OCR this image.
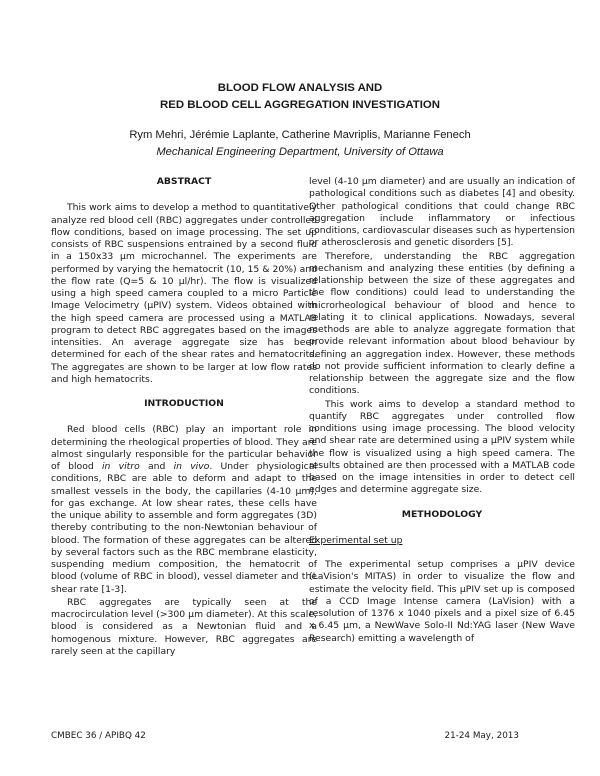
BLOOD FLOW ANALYSIS AND
RED BLOOD CELL AGGREGATION INVESTIGATION
Rym Mehri, Jérémie Laplante, Catherine Mavriplis, Marianne Fenech
Mechanical Engineering Department, University of Ottawa
ABSTRACT

This work aims to develop a method to quantitatively analyze red blood cell (RBC) aggregates under controlled flow conditions, based on image processing. The set up consists of RBC suspensions entrained by a second fluid in a 150x33 µm microchannel. The experiments are performed by varying the hematocrit (10, 15 & 20%) and the flow rate (Q=5 & 10 µl/hr). The flow is visualized using a high speed camera coupled to a micro Particle Image Velocimetry (µPIV) system. Videos obtained with the high speed camera are processed using a MATLAB program to detect RBC aggregates based on the images intensities. An average aggregate size has been determined for each of the shear rates and hematocrits. The aggregates are shown to be larger at low flow rates and high hematocrits.

INTRODUCTION

Red blood cells (RBC) play an important role in determining the rheological properties of blood. They are almost singularly responsible for the particular behavior of blood in vitro and in vivo. Under physiological conditions, RBC are able to deform and adapt to the smallest vessels in the body, the capillaries (4-10 µm), for gas exchange. At low shear rates, these cells have the unique ability to assemble and form aggregates (3D) thereby contributing to the non-Newtonian behaviour of blood. The formation of these aggregates can be altered by several factors such as the RBC membrane elasticity, suspending medium composition, the hematocrit of blood (volume of RBC in blood), vessel diameter and the shear rate [1-3].

RBC aggregates are typically seen at the macrocirculation level (>300 µm diameter). At this scale, blood is considered as a Newtonian fluid and a homogenous mixture. However, RBC aggregates are rarely seen at the capillary

level (4-10 µm diameter) and are usually an indication of pathological conditions such as diabetes [4] and obesity. Other pathological conditions that could change RBC aggregation include inflammatory or infectious conditions, cardiovascular diseases such as hypertension or atherosclerosis and genetic disorders [5].

Therefore, understanding the RBC aggregation mechanism and analyzing these entities (by defining a relationship between the size of these aggregates and the flow conditions) could lead to understanding the microrheological behaviour of blood and hence to relating it to clinical applications. Nowadays, several methods are able to analyze aggregate formation that provide relevant information about blood behaviour by defining an aggregation index. However, these methods do not provide sufficient information to clearly define a relationship between the aggregate size and the flow conditions.

This work aims to develop a standard method to quantify RBC aggregates under controlled flow conditions using image processing. The blood velocity and shear rate are determined using a µPIV system while the flow is visualized using a high speed camera. The results obtained are then processed with a MATLAB code based on the image intensities in order to detect cell edges and determine aggregate size.

METHODOLOGY
Experimental set up

The experimental setup comprises a µPIV device (LaVision's MITAS) in order to visualize the flow and estimate the velocity field. This µPIV set up is composed of a CCD Image Intense camera (LaVision) with a resolution of 1376 x 1040 pixels and a pixel size of 6.45 x 6.45 µm, a NewWave Solo-II Nd:YAG laser (New Wave Research) emitting a wavelength of

CMBEC 36 / APIBQ 42	21-24 May, 2013
